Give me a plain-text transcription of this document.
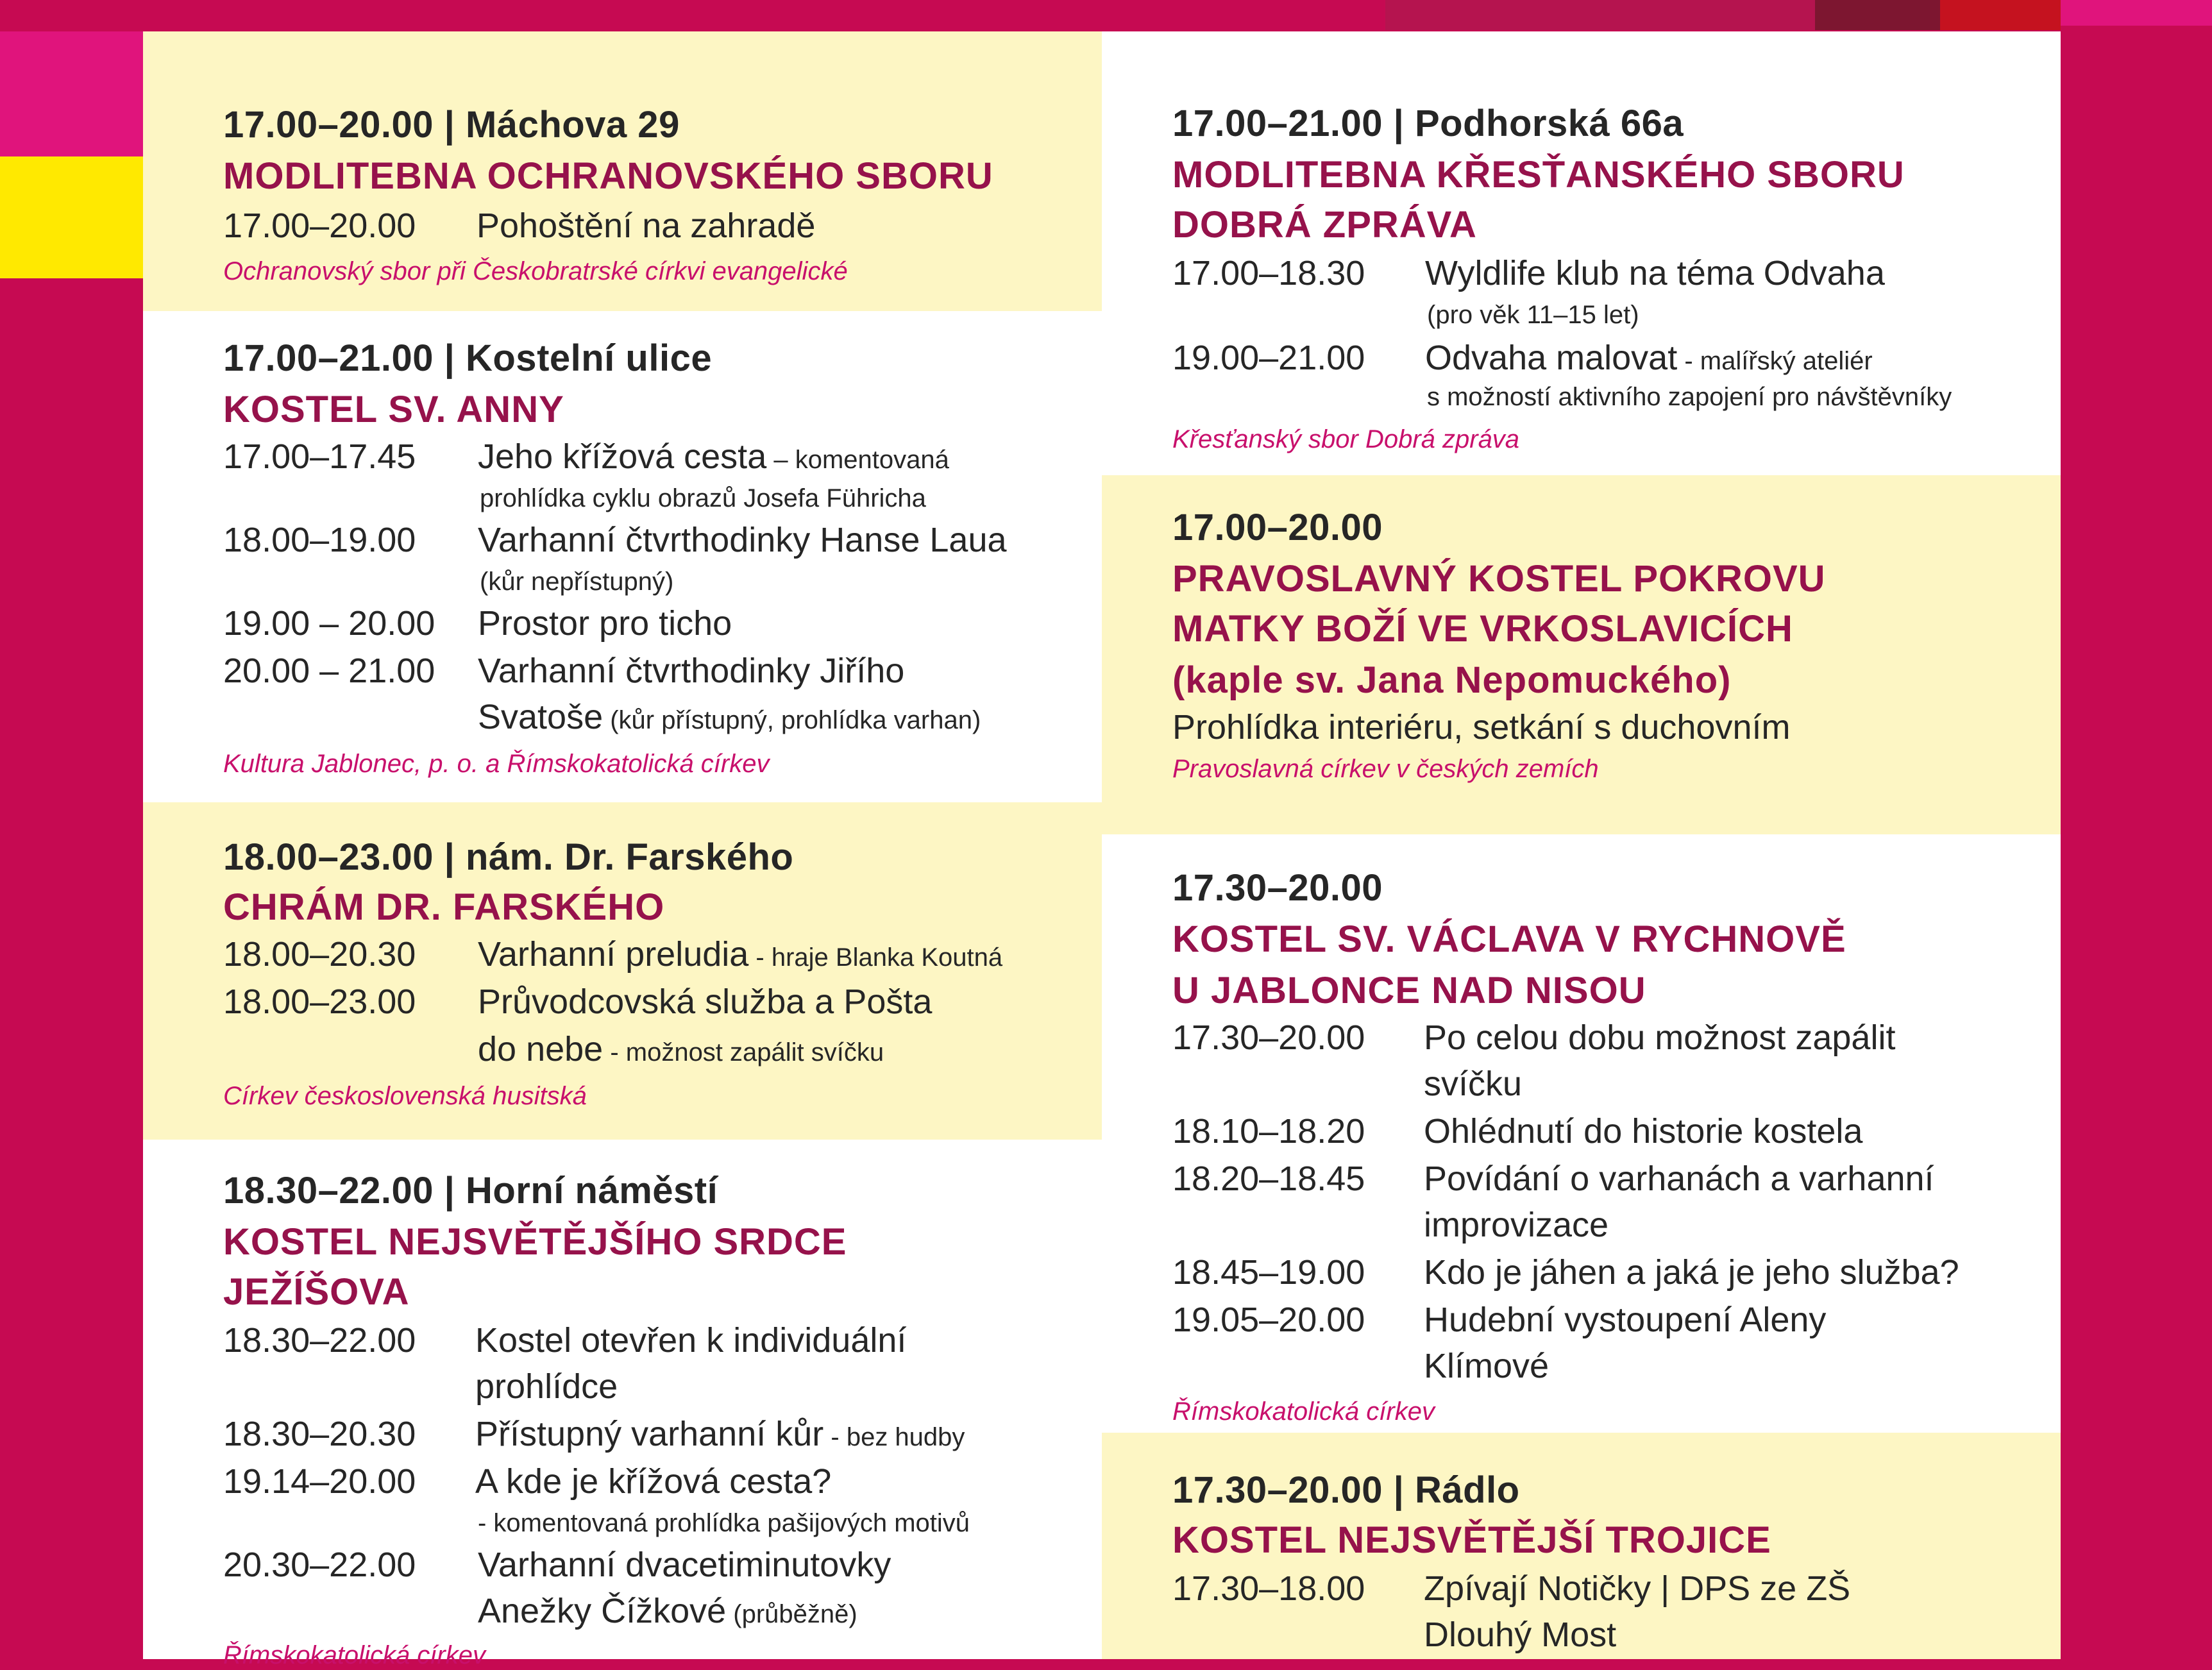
17.00–20.00 | Máchova 29
MODLITEBNA OCHRANOVSKÉHO SBORU
17.00–20.00 Pohoštění na zahradě
Ochranovský sbor při Českobratrské církvi evangelické
17.00–21.00 | Kostelní ulice
KOSTEL SV. ANNY
17.00–17.45 Jeho křížová cesta – komentovaná
prohlídka cyklu obrazů Josefa Führicha
18.00–19.00 Varhanní čtvrthodinky Hanse Laua
(kůr nepřístupný)
19.00 – 20.00 Prostor pro ticho
20.00 – 21.00 Varhanní čtvrthodinky Jiřího
Svatoše (kůr přístupný, prohlídka varhan)
Kultura Jablonec, p. o. a Římskokatolická církev
18.00–23.00 | nám. Dr. Farského
CHRÁM DR. FARSKÉHO
18.00–20.30 Varhanní preludia - hraje Blanka Koutná
18.00–23.00 Průvodcovská služba a Pošta
do nebe - možnost zapálit svíčku
Církev československá husitská
18.30–22.00 | Horní náměstí
KOSTEL NEJSVĚTĚJŠÍHO SRDCE
JEŽÍŠOVA
18.30–22.00 Kostel otevřen k individuální
prohlídce
18.30–20.30 Přístupný varhanní kůr - bez hudby
19.14–20.00 A kde je křížová cesta?
- komentovaná prohlídka pašijových motivů
20.30–22.00 Varhanní dvacetiminutovky
Anežky Čížkové (průběžně)
Římskokatolická církev
17.00–21.00 | Podhorská 66a
MODLITEBNA KŘESŤANSKÉHO SBORU
DOBRÁ ZPRÁVA
17.00–18.30 Wyldlife klub na téma Odvaha
(pro věk 11–15 let)
19.00–21.00 Odvaha malovat - malířský ateliér
s možností aktivního zapojení pro návštěvníky
Křesťanský sbor Dobrá zpráva
17.00–20.00
PRAVOSLAVNÝ KOSTEL POKROVU
MATKY BOŽÍ VE VRKOSLAVICÍCH
(kaple sv. Jana Nepomuckého)
Prohlídka interiéru, setkání s duchovním
Pravoslavná církev v českých zemích
17.30–20.00
KOSTEL SV. VÁCLAVA V RYCHNOVĚ
U JABLONCE NAD NISOU
17.30–20.00 Po celou dobu možnost zapálit
svíčku
18.10–18.20 Ohlédnutí do historie kostela
18.20–18.45 Povídání o varhanách a varhanní
improvizace
18.45–19.00 Kdo je jáhen a jaká je jeho služba?
19.05–20.00 Hudební vystoupení Aleny
Klímové
Římskokatolická církev
17.30–20.00 | Rádlo
KOSTEL NEJSVĚTĚJŠÍ TROJICE
17.30–18.00 Zpívají Notičky | DPS ze ZŠ
Dlouhý Most
